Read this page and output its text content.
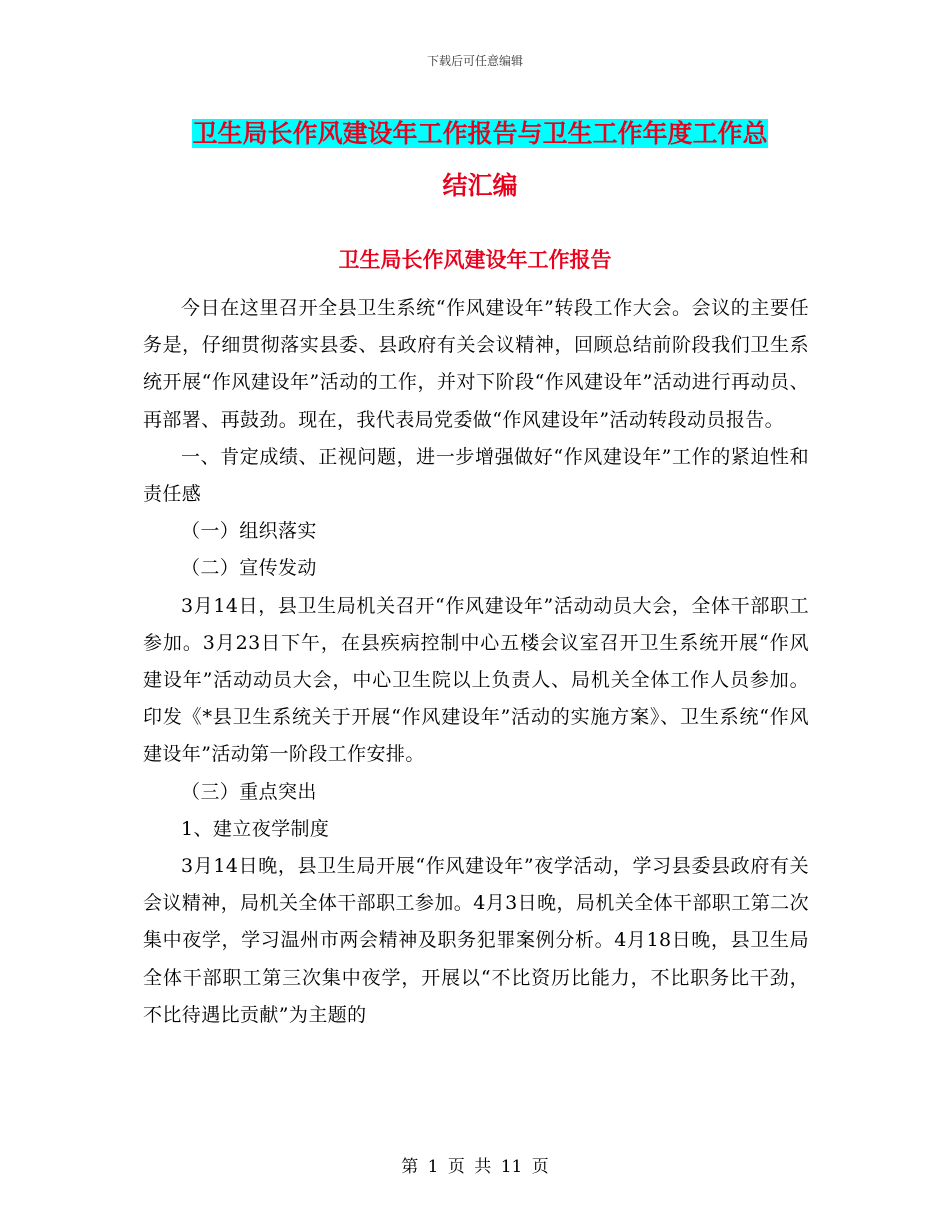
下载后可任意编辑
卫生局长作风建设年工作报告与卫生工作年度工作总
结汇编
卫生局长作风建设年工作报告

今日在这里召开全县卫生系统“作风建设年”转段工作大会。会议的主要任务是，仔细贯彻落实县委、县政府有关会议精神，回顾总结前阶段我们卫生系统开展“作风建设年”活动的工作，并对下阶段“作风建设年”活动进行再动员、再部署、再鼓劲。现在，我代表局党委做“作风建设年”活动转段动员报告。

一、肯定成绩、正视问题，进一步增强做好“作风建设年”工作的紧迫性和责任感

（一）组织落实

（二）宣传发动

3月14日，县卫生局机关召开“作风建设年”活动动员大会，全体干部职工参加。3月23日下午，在县疾病控制中心五楼会议室召开卫生系统开展“作风建设年”活动动员大会，中心卫生院以上负责人、局机关全体工作人员参加。印发《*县卫生系统关于开展“作风建设年”活动的实施方案》、卫生系统“作风建设年”活动第一阶段工作安排。

（三）重点突出

1、建立夜学制度

3月14日晚，县卫生局开展“作风建设年”夜学活动，学习县委县政府有关会议精神，局机关全体干部职工参加。4月3日晚，局机关全体干部职工第二次集中夜学，学习温州市两会精神及职务犯罪案例分析。4月18日晚，县卫生局全体干部职工第三次集中夜学，开展以“不比资历比能力，不比职务比干劲，不比待遇比贡献”为主题的

第 1 页 共 11 页
